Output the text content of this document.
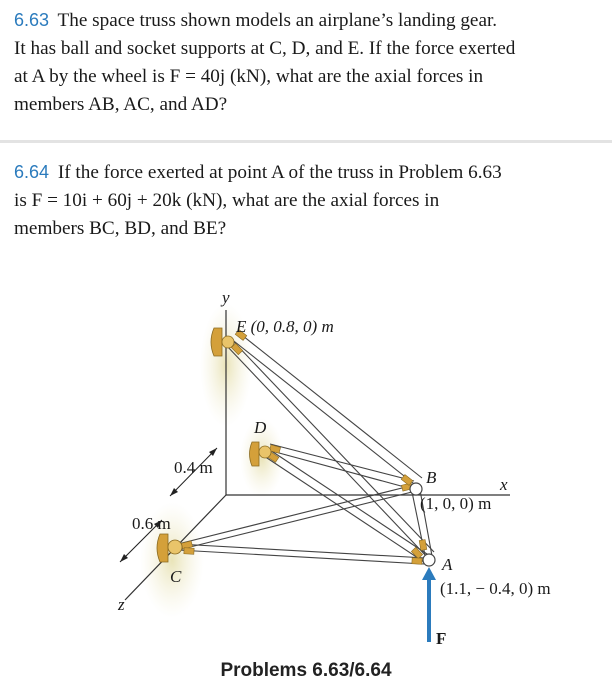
6.63 The space truss shown models an airplane’s landing gear.
It has ball and socket supports at C, D, and E. If the force exerted
at A by the wheel is F = 40j (kN), what are the axial forces in
members AB, AC, and AD?
6.64 If the force exerted at point A of the truss in Problem 6.63
is F = 10i + 60j + 20k (kN), what are the axial forces in
members BC, BD, and BE?
y
x
z
0.4 m
0.6 m
E (0, 0.8, 0) m
D
B
(1, 0, 0) m
C
A
(1.1, − 0.4, 0) m
F
Problems 6.63/6.64
